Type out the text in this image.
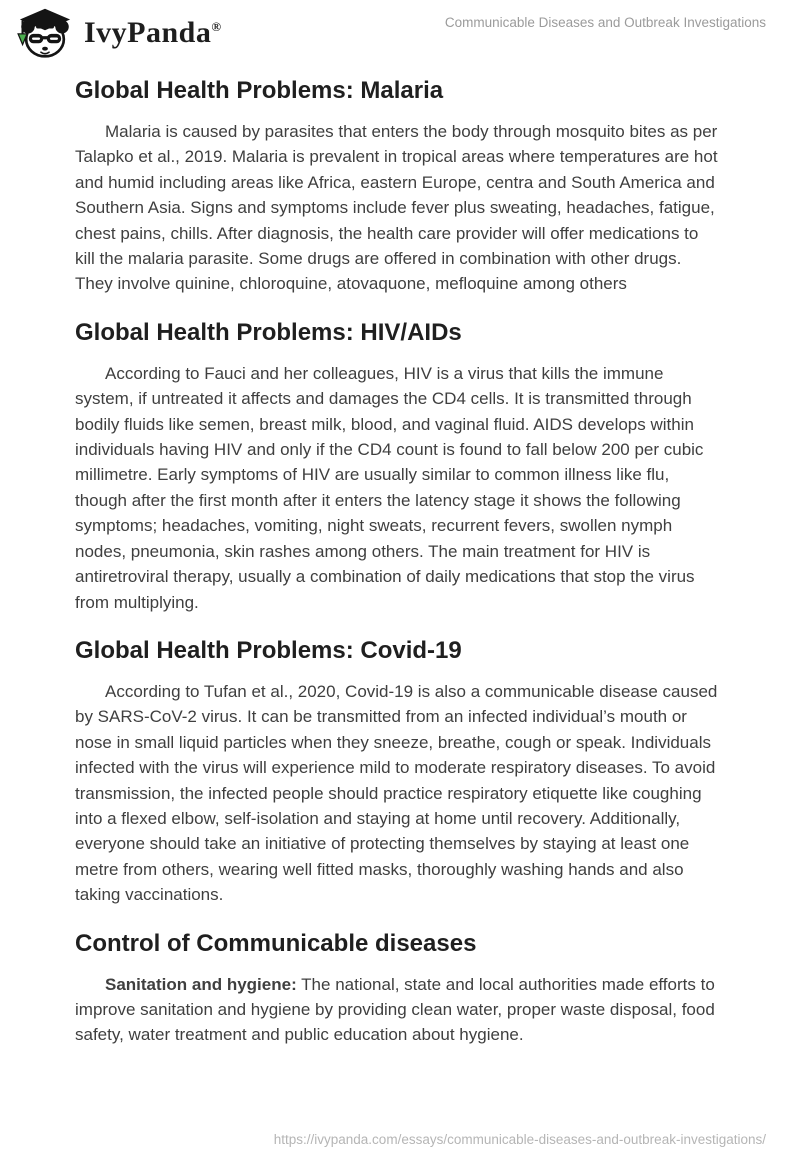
IvyPanda®	Communicable Diseases and Outbreak Investigations
Global Health Problems: Malaria

Malaria is caused by parasites that enters the body through mosquito bites as per Talapko et al., 2019. Malaria is prevalent in tropical areas where temperatures are hot and humid including areas like Africa, eastern Europe, centra and South America and Southern Asia. Signs and symptoms include fever plus sweating, headaches, fatigue, chest pains, chills. After diagnosis, the health care provider will offer medications to kill the malaria parasite. Some drugs are offered in combination with other drugs. They involve quinine, chloroquine, atovaquone, mefloquine among others

Global Health Problems: HIV/AIDs

According to Fauci and her colleagues, HIV is a virus that kills the immune system, if untreated it affects and damages the CD4 cells. It is transmitted through bodily fluids like semen, breast milk, blood, and vaginal fluid. AIDS develops within individuals having HIV and only if the CD4 count is found to fall below 200 per cubic millimetre. Early symptoms of HIV are usually similar to common illness like flu, though after the first month after it enters the latency stage it shows the following symptoms; headaches, vomiting, night sweats, recurrent fevers, swollen nymph nodes, pneumonia, skin rashes among others. The main treatment for HIV is antiretroviral therapy, usually a combination of daily medications that stop the virus from multiplying.

Global Health Problems: Covid-19

According to Tufan et al., 2020, Covid-19 is also a communicable disease caused by SARS-CoV-2 virus. It can be transmitted from an infected individual’s mouth or nose in small liquid particles when they sneeze, breathe, cough or speak. Individuals infected with the virus will experience mild to moderate respiratory diseases. To avoid transmission, the infected people should practice respiratory etiquette like coughing into a flexed elbow, self-isolation and staying at home until recovery. Additionally, everyone should take an initiative of protecting themselves by staying at least one metre from others, wearing well fitted masks, thoroughly washing hands and also taking vaccinations.

Control of Communicable diseases

Sanitation and hygiene: The national, state and local authorities made efforts to improve sanitation and hygiene by providing clean water, proper waste disposal, food safety, water treatment and public education about hygiene.

https://ivypanda.com/essays/communicable-diseases-and-outbreak-investigations/
